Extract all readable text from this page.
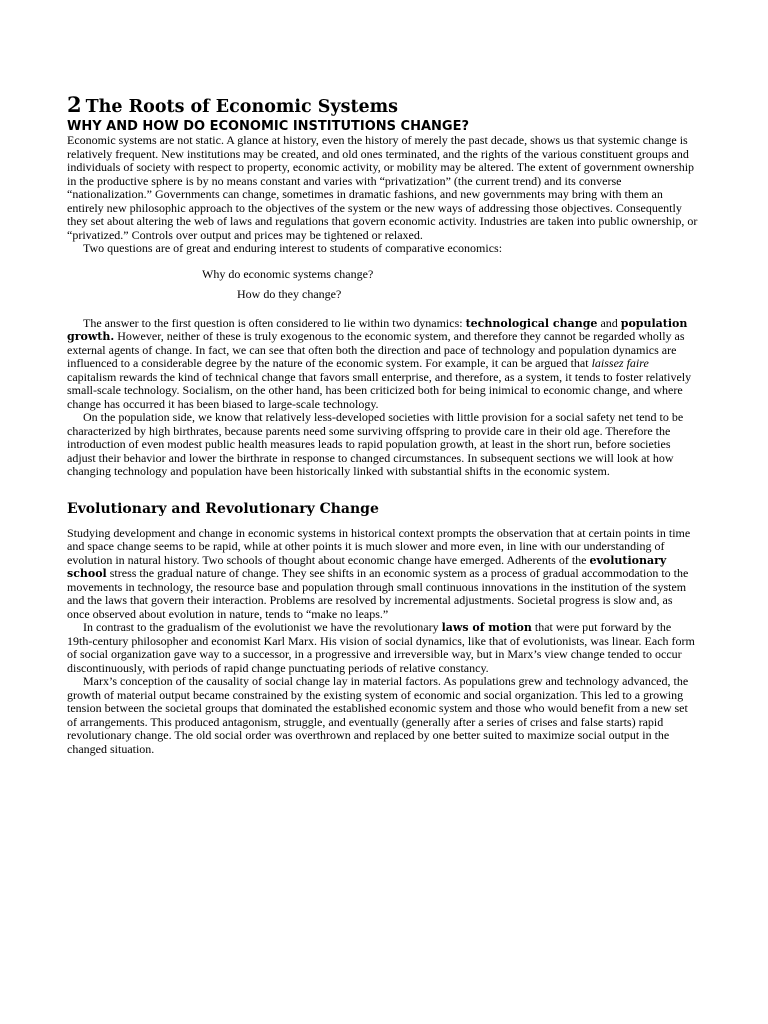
2 The Roots of Economic Systems
WHY AND HOW DO ECONOMIC INSTITUTIONS CHANGE?

Economic systems are not static. A glance at history, even the history of merely the past decade, shows us that systemic change is relatively frequent. New institutions may be created, and old ones terminated, and the rights of the various constituent groups and individuals of society with respect to property, economic activity, or mobility may be altered. The extent of government ownership in the productive sphere is by no means constant and varies with “privatization” (the current trend) and its converse “nationalization.” Governments can change, sometimes in dramatic fashions, and new governments may bring with them an entirely new philosophic approach to the objectives of the system or the new ways of addressing those objectives. Consequently they set about altering the web of laws and regulations that govern economic activity. Industries are taken into public ownership, or “privatized.” Controls over output and prices may be tightened or relaxed.

Two questions are of great and enduring interest to students of comparative economics:

Why do economic systems change?

How do they change?

The answer to the first question is often considered to lie within two dynamics: technological change and population growth. However, neither of these is truly exogenous to the economic system, and therefore they cannot be regarded wholly as external agents of change. In fact, we can see that often both the direction and pace of technology and population dynamics are influenced to a considerable degree by the nature of the economic system. For example, it can be argued that laissez faire capitalism rewards the kind of technical change that favors small enterprise, and therefore, as a system, it tends to foster relatively small-scale technology. Socialism, on the other hand, has been criticized both for being inimical to economic change, and where change has occurred it has been biased to large-scale technology.

On the population side, we know that relatively less-developed societies with little provision for a social safety net tend to be characterized by high birthrates, because parents need some surviving offspring to provide care in their old age. Therefore the introduction of even modest public health measures leads to rapid population growth, at least in the short run, before societies adjust their behavior and lower the birthrate in response to changed circumstances. In subsequent sections we will look at how changing technology and population have been historically linked with substantial shifts in the economic system.

Evolutionary and Revolutionary Change

Studying development and change in economic systems in historical context prompts the observation that at certain points in time and space change seems to be rapid, while at other points it is much slower and more even, in line with our understanding of evolution in natural history. Two schools of thought about economic change have emerged. Adherents of the evolutionary school stress the gradual nature of change. They see shifts in an economic system as a process of gradual accommodation to the movements in technology, the resource base and population through small continuous innovations in the institution of the system and the laws that govern their interaction. Problems are resolved by incremental adjustments. Societal progress is slow and, as once observed about evolution in nature, tends to “make no leaps.”

In contrast to the gradualism of the evolutionist we have the revolutionary laws of motion that were put forward by the 19th-century philosopher and economist Karl Marx. His vision of social dynamics, like that of evolutionists, was linear. Each form of social organization gave way to a successor, in a progressive and irreversible way, but in Marx’s view change tended to occur discontinuously, with periods of rapid change punctuating periods of relative constancy.

Marx’s conception of the causality of social change lay in material factors. As populations grew and technology advanced, the growth of material output became constrained by the existing system of economic and social organization. This led to a growing tension between the societal groups that dominated the established economic system and those who would benefit from a new set of arrangements. This produced antagonism, struggle, and eventually (generally after a series of crises and false starts) rapid revolutionary change. The old social order was overthrown and replaced by one better suited to maximize social output in the changed situation.
